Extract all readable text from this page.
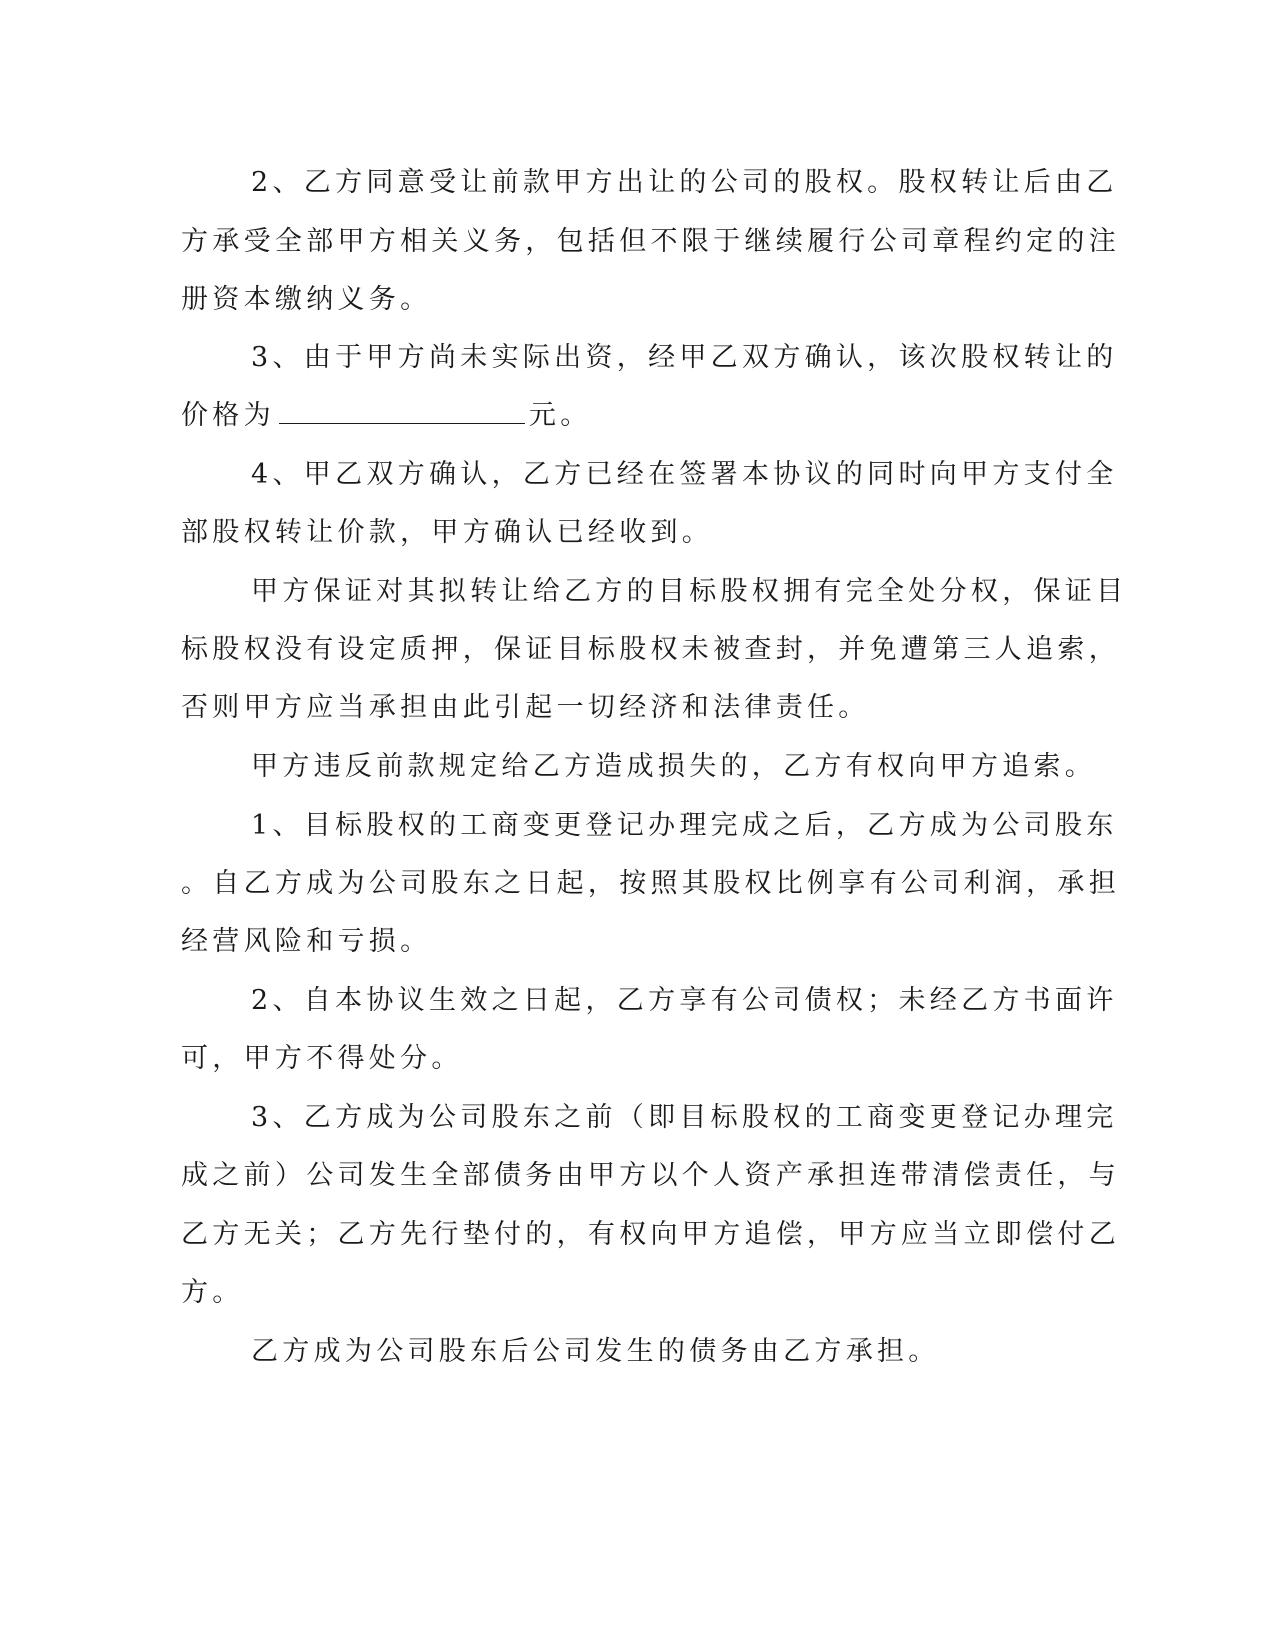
2、乙方同意受让前款甲方出让的公司的股权。股权转让后由乙

方承受全部甲方相关义务，包括但不限于继续履行公司章程约定的注

册资本缴纳义务。

3、由于甲方尚未实际出资，经甲乙双方确认，该次股权转让的

价格为	元。

4、甲乙双方确认，乙方已经在签署本协议的同时向甲方支付全

部股权转让价款，甲方确认已经收到。

甲方保证对其拟转让给乙方的目标股权拥有完全处分权，保证目

标股权没有设定质押，保证目标股权未被查封，并免遭第三人追索，

否则甲方应当承担由此引起一切经济和法律责任。

甲方违反前款规定给乙方造成损失的，乙方有权向甲方追索。

1、目标股权的工商变更登记办理完成之后，乙方成为公司股东

。自乙方成为公司股东之日起，按照其股权比例享有公司利润，承担

经营风险和亏损。

2、自本协议生效之日起，乙方享有公司债权；未经乙方书面许

可，甲方不得处分。

3、乙方成为公司股东之前（即目标股权的工商变更登记办理完

成之前）公司发生全部债务由甲方以个人资产承担连带清偿责任，与

乙方无关；乙方先行垫付的，有权向甲方追偿，甲方应当立即偿付乙

方。

乙方成为公司股东后公司发生的债务由乙方承担。
